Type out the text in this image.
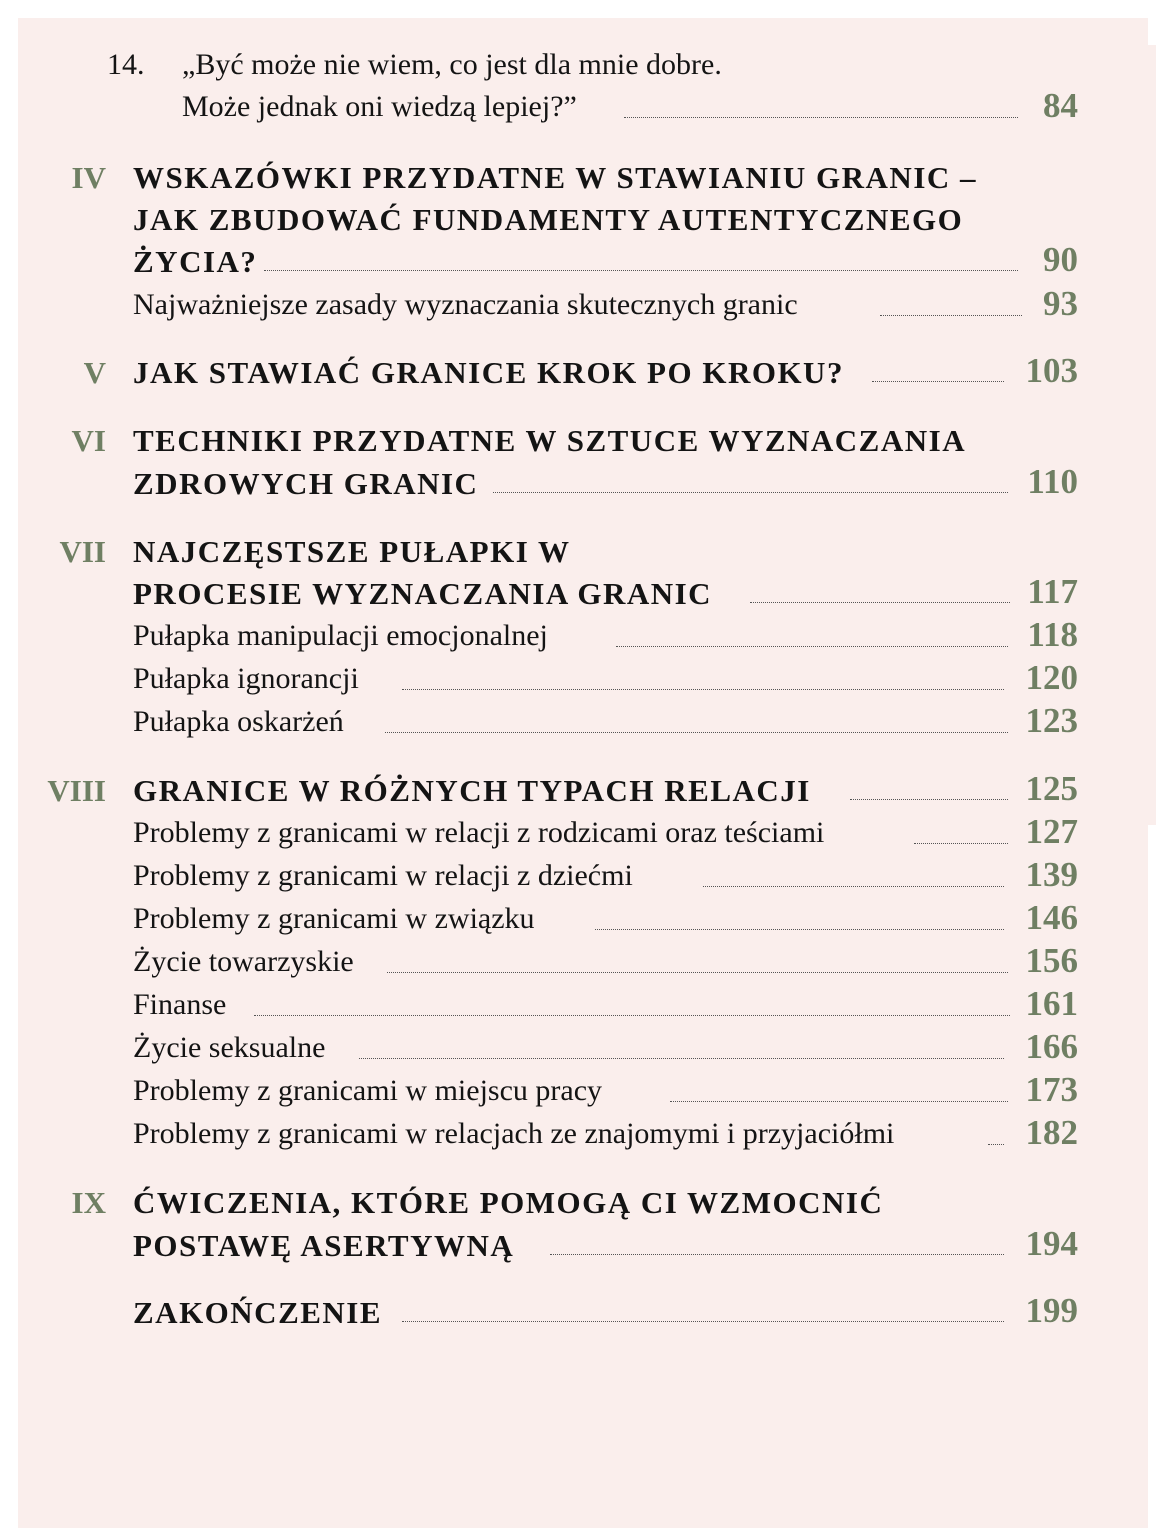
14. „Być może nie wiem, co jest dla mnie dobre.
Może jednak oni wiedzą lepiej?”	84
IV WSKAZÓWKI PRZYDATNE W STAWIANIU GRANIC –
JAK ZBUDOWAĆ FUNDAMENTY AUTENTYCZNEGO
ŻYCIA?	90
Najważniejsze zasady wyznaczania skutecznych granic	93
V JAK STAWIAĆ GRANICE KROK PO KROKU?	103
VI TECHNIKI PRZYDATNE W SZTUCE WYZNACZANIA
ZDROWYCH GRANIC	110
VII NAJCZĘSTSZE PUŁAPKI W
PROCESIE WYZNACZANIA GRANIC	117
Pułapka manipulacji emocjonalnej	118
Pułapka ignorancji	120
Pułapka oskarżeń	123
VIII GRANICE W RÓŻNYCH TYPACH RELACJI	125
Problemy z granicami w relacji z rodzicami oraz teściami	127
Problemy z granicami w relacji z dziećmi	139
Problemy z granicami w związku	146
Życie towarzyskie	156
Finanse	161
Życie seksualne	166
Problemy z granicami w miejscu pracy	173
Problemy z granicami w relacjach ze znajomymi i przyjaciółmi	182
IX ĆWICZENIA, KTÓRE POMOGĄ CI WZMOCNIĆ
POSTAWĘ ASERTYWNĄ	194
ZAKOŃCZENIE	199
